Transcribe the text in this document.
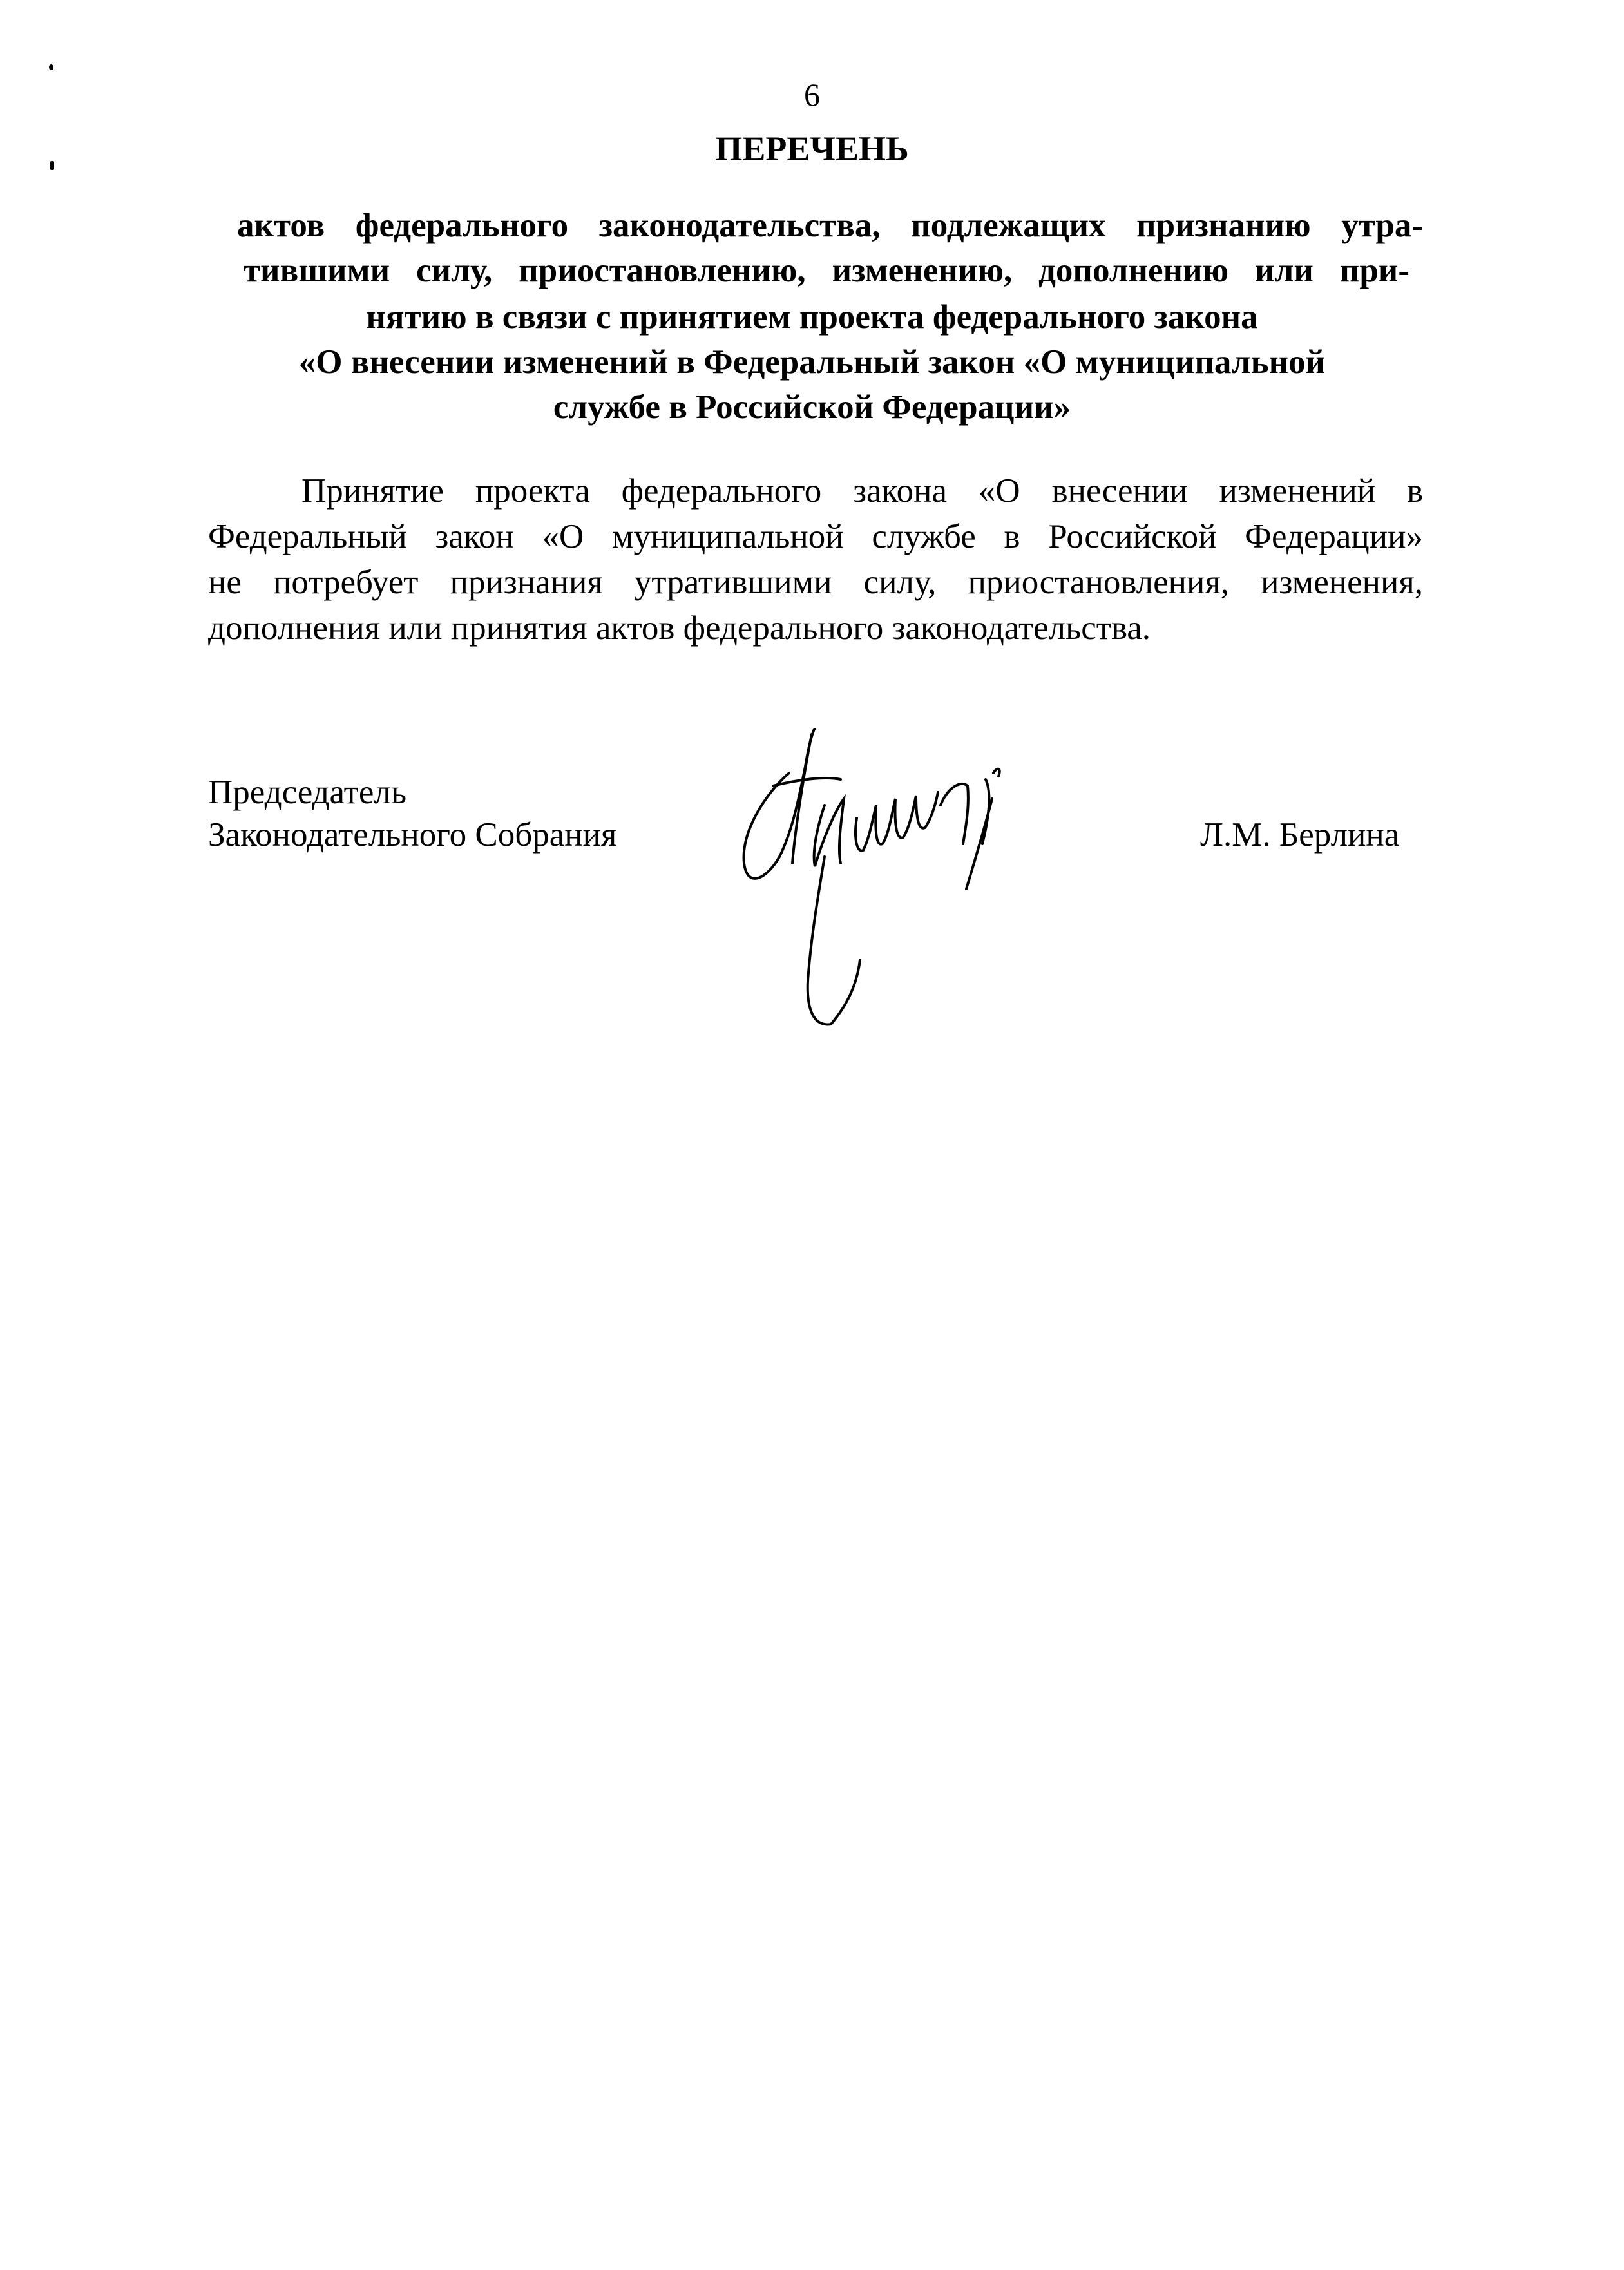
6
ПЕРЕЧЕНЬ
актов федерального законодательства, подлежащих признанию утра-
тившими силу, приостановлению, изменению, дополнению или при-
нятию в связи с принятием проекта федерального закона
«О внесении изменений в Федеральный закон «О муниципальной
службе в Российской Федерации»
Принятие проекта федерального закона «О внесении изменений в
Федеральный закон «О муниципальной службе в Российской Федерации»
не потребует признания утратившими силу, приостановления, изменения,
дополнения или принятия актов федерального законодательства.
Председатель
Законодательного Собрания	Л.М. Берлина
